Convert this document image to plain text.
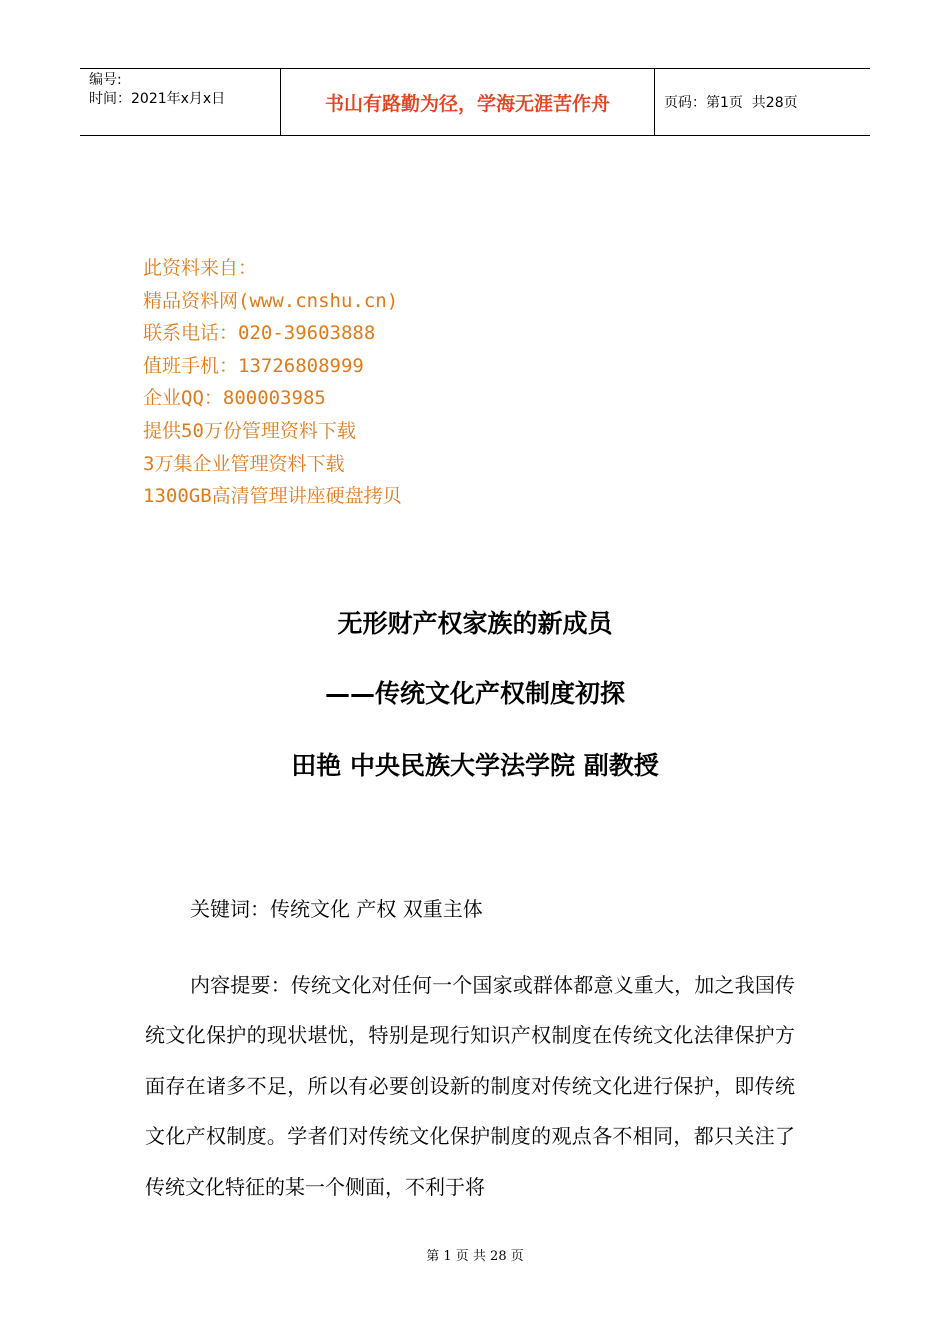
编号:
时间：2021年x月x日	书山有路勤为径，学海无涯苦作舟	页码：第1页  共28页
此资料来自：
精品资料网(www.cnshu.cn)
联系电话：020-39603888
值班手机：13726808999
企业QQ：800003985
提供50万份管理资料下载
3万集企业管理资料下载
1300GB高清管理讲座硬盘拷贝
无形财产权家族的新成员
——传统文化产权制度初探
田艳 中央民族大学法学院 副教授
关键词：传统文化 产权 双重主体
内容提要：传统文化对任何一个国家或群体都意义重大，加之我国传统文化保护的现状堪忧，特别是现行知识产权制度在传统文化法律保护方面存在诸多不足，所以有必要创设新的制度对传统文化进行保护，即传统文化产权制度。学者们对传统文化保护制度的观点各不相同，都只关注了传统文化特征的某一个侧面，不利于将
第 1 页 共 28 页
